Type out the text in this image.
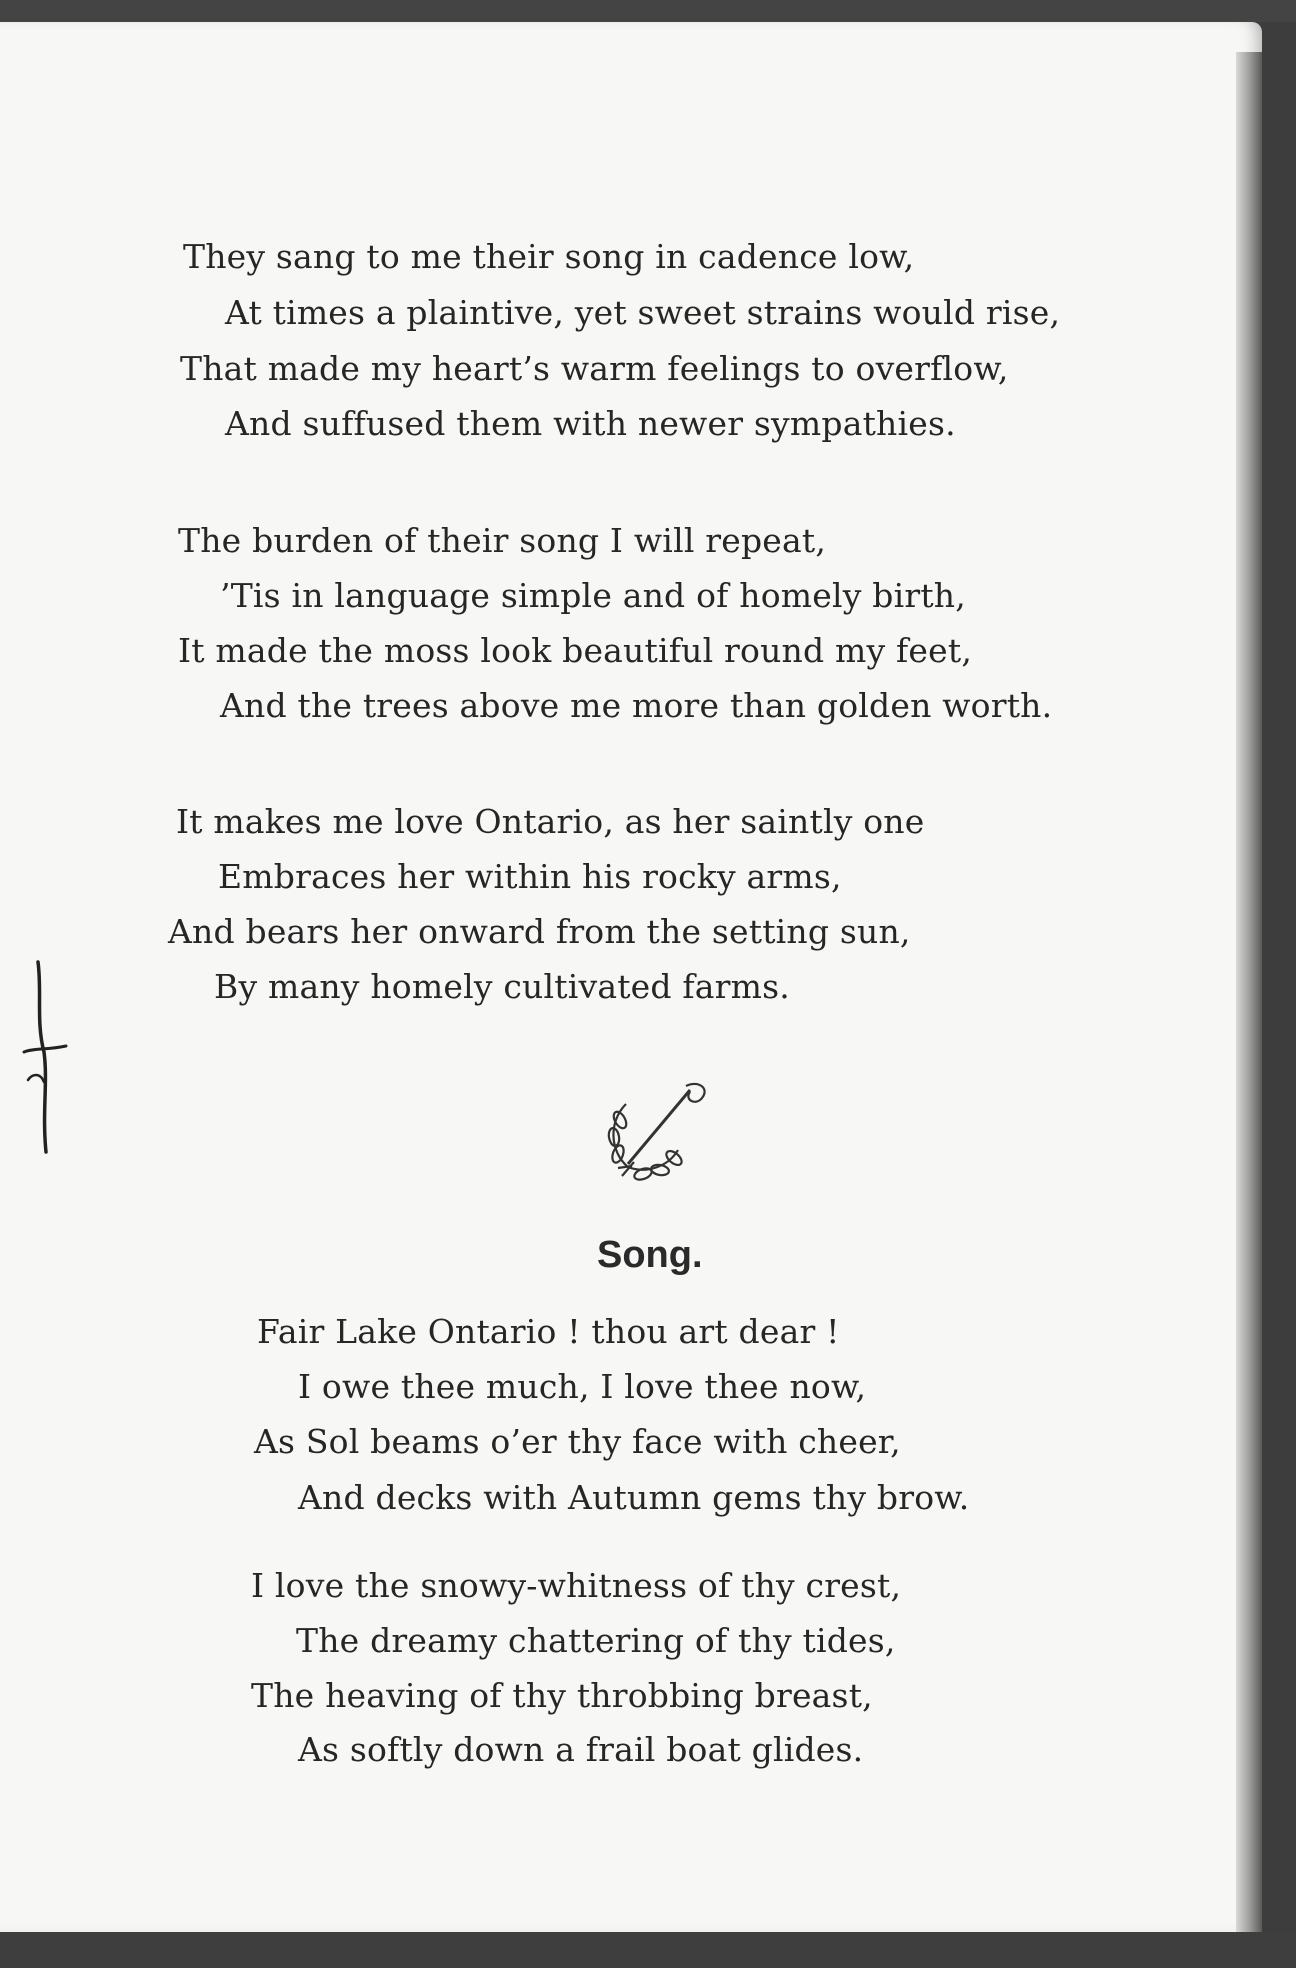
They sang to me their song in cadence low,
At times a plaintive, yet sweet strains would rise,
That made my heart’s warm feelings to overflow,
And suffused them with newer sympathies.
The burden of their song I will repeat,
’Tis in language simple and of homely birth,
It made the moss look beautiful round my feet,
And the trees above me more than golden worth.
It makes me love Ontario, as her saintly one
Embraces her within his rocky arms,
And bears her onward from the setting sun,
By many homely cultivated farms.
Song.
Fair Lake Ontario ! thou art dear !
I owe thee much, I love thee now,
As Sol beams o’er thy face with cheer,
And decks with Autumn gems thy brow.
I love the snowy-whitness of thy crest,
The dreamy chattering of thy tides,
The heaving of thy throbbing breast,
As softly down a frail boat glides.
